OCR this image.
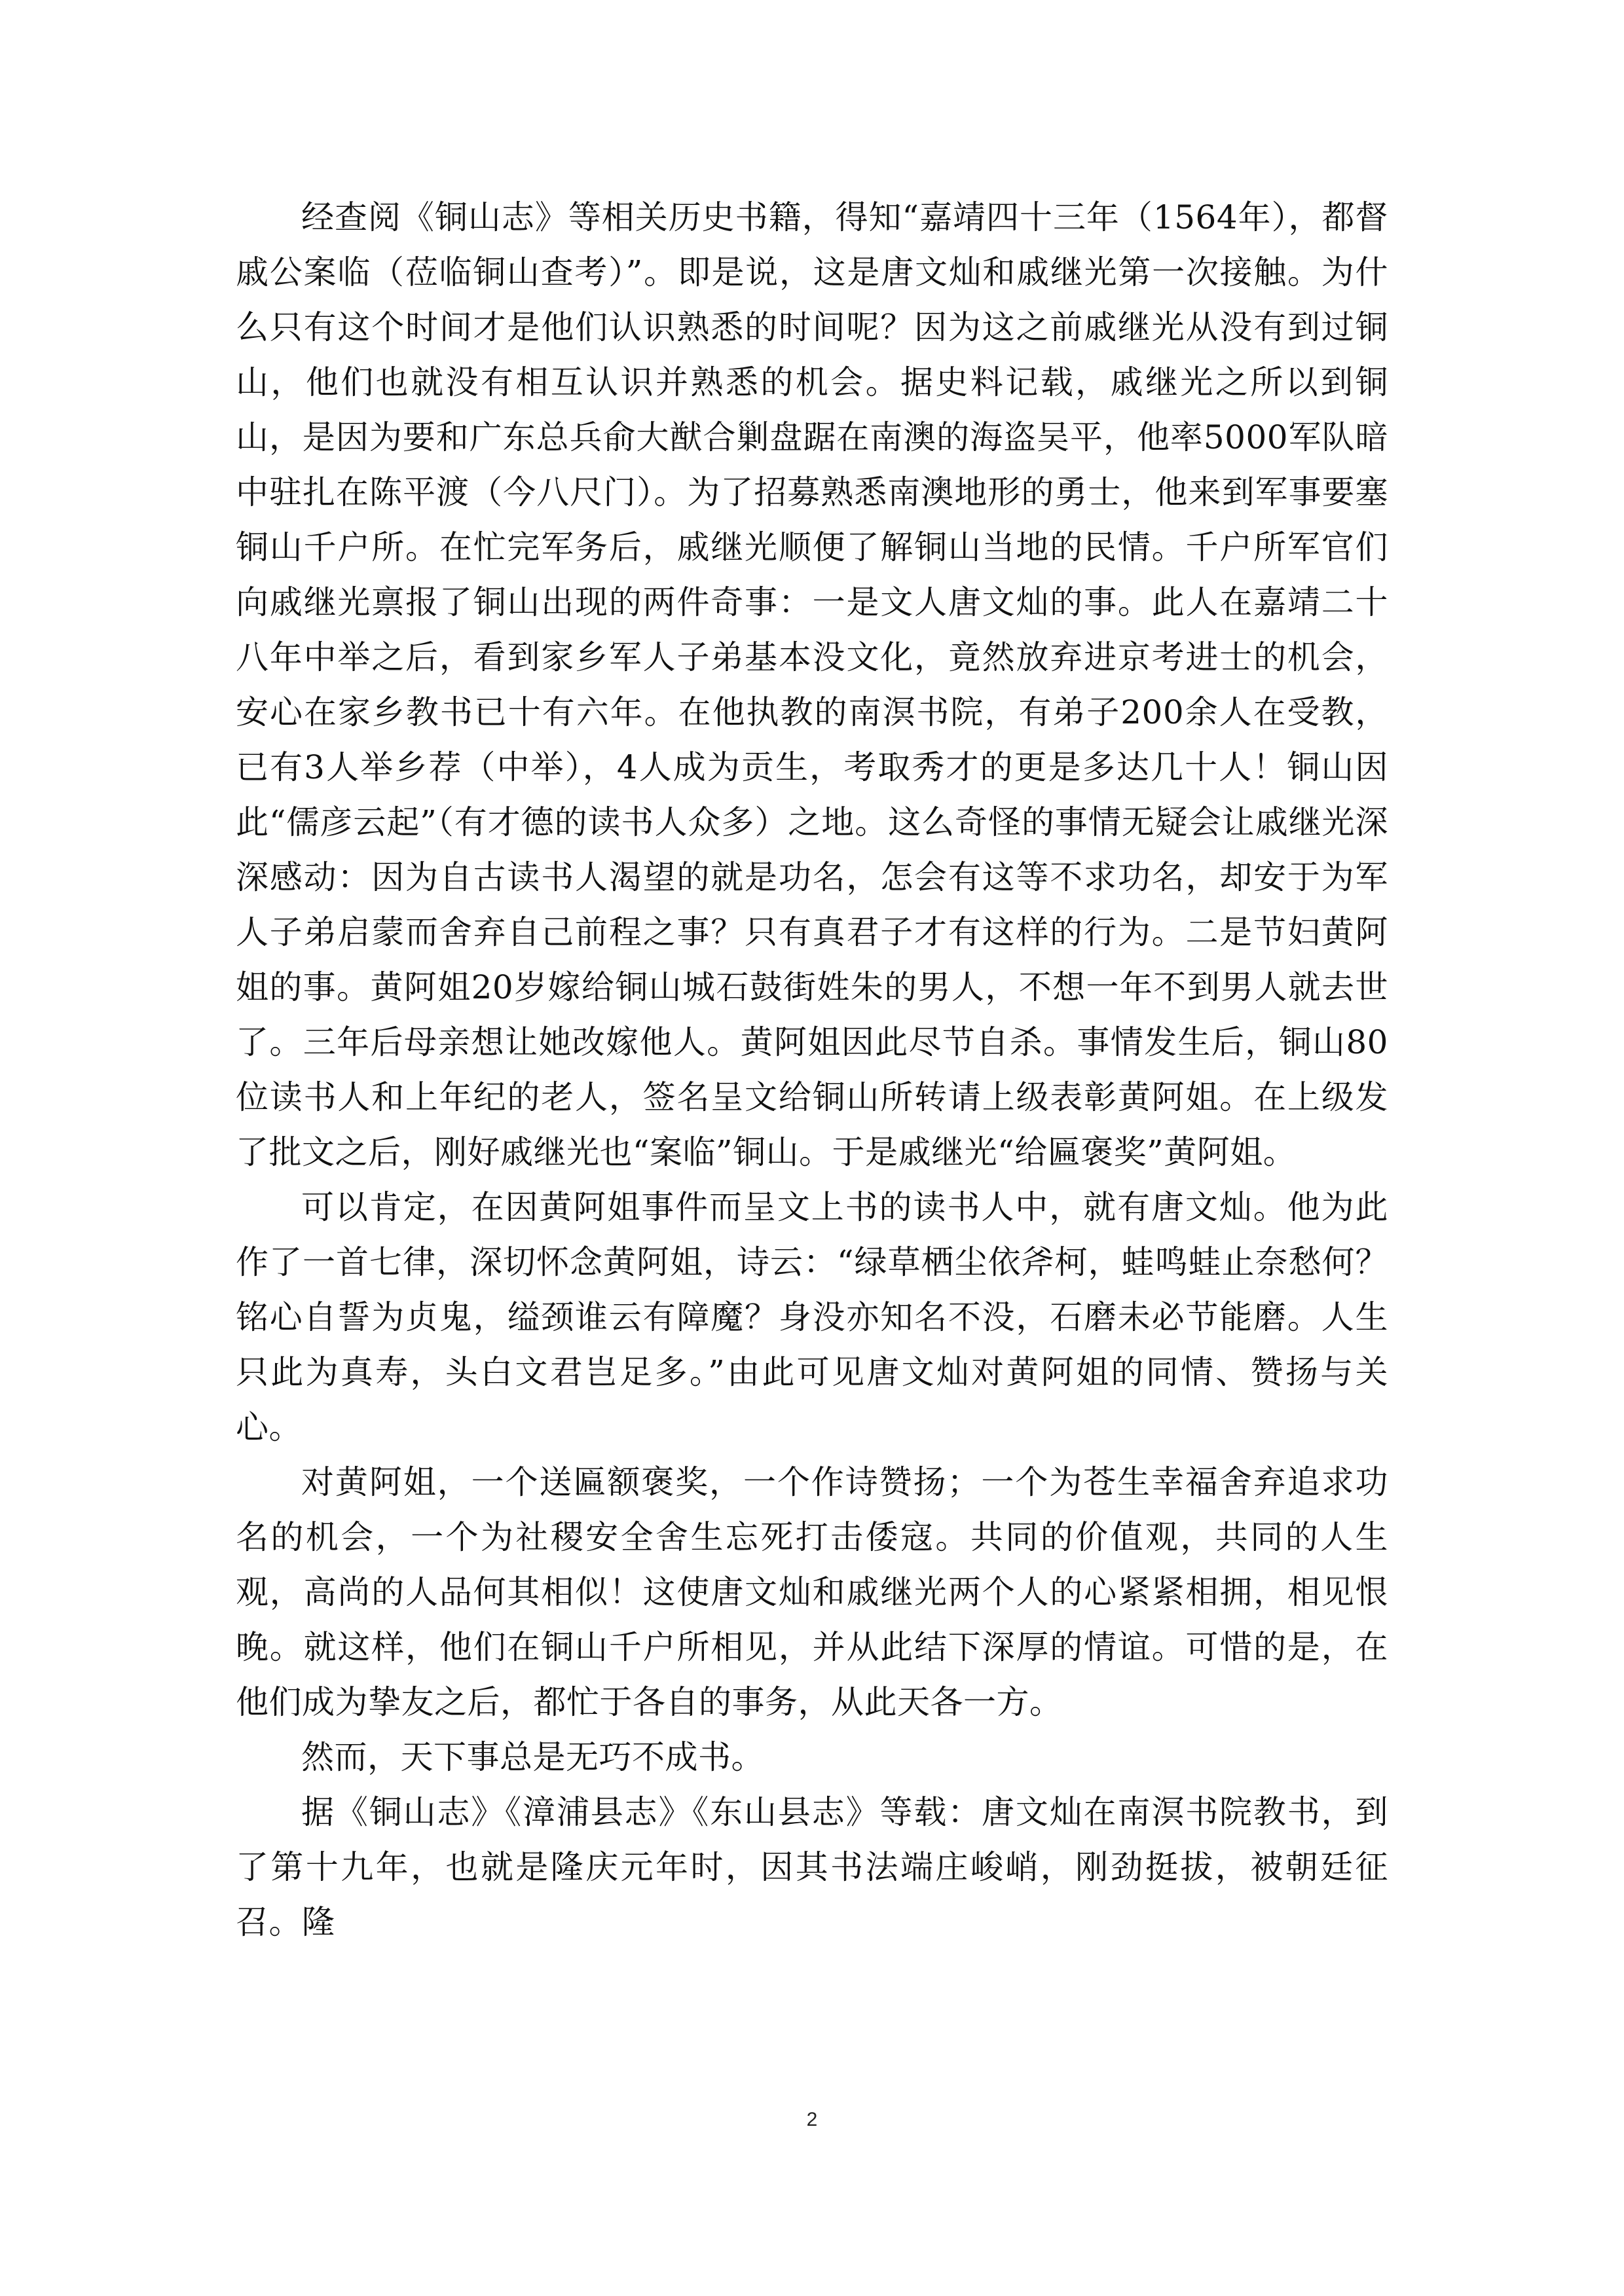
经查阅《铜山志》等相关历史书籍，得知“嘉靖四十三年（1564年），都督戚公案临（莅临铜山查考）”。即是说，这是唐文灿和戚继光第一次接触。为什么只有这个时间才是他们认识熟悉的时间呢？因为这之前戚继光从没有到过铜山，他们也就没有相互认识并熟悉的机会。据史料记载，戚继光之所以到铜山，是因为要和广东总兵俞大猷合剿盘踞在南澳的海盗吴平，他率5000军队暗中驻扎在陈平渡（今八尺门）。为了招募熟悉南澳地形的勇士，他来到军事要塞铜山千户所。在忙完军务后，戚继光顺便了解铜山当地的民情。千户所军官们向戚继光禀报了铜山出现的两件奇事：一是文人唐文灿的事。此人在嘉靖二十八年中举之后，看到家乡军人子弟基本没文化，竟然放弃进京考进士的机会，安心在家乡教书已十有六年。在他执教的南溟书院，有弟子200余人在受教，已有3人举乡荐（中举），4人成为贡生，考取秀才的更是多达几十人！铜山因此“儒彦云起”（有才德的读书人众多）之地。这么奇怪的事情无疑会让戚继光深深感动：因为自古读书人渴望的就是功名，怎会有这等不求功名，却安于为军人子弟启蒙而舍弃自己前程之事？只有真君子才有这样的行为。二是节妇黄阿姐的事。黄阿姐20岁嫁给铜山城石鼓街姓朱的男人，不想一年不到男人就去世了。三年后母亲想让她改嫁他人。黄阿姐因此尽节自杀。事情发生后，铜山80位读书人和上年纪的老人，签名呈文给铜山所转请上级表彰黄阿姐。在上级发了批文之后，刚好戚继光也“案临”铜山。于是戚继光“给匾褒奖”黄阿姐。

可以肯定，在因黄阿姐事件而呈文上书的读书人中，就有唐文灿。他为此作了一首七律，深切怀念黄阿姐，诗云：“绿草栖尘依斧柯，蛙鸣蛙止奈愁何？铭心自誓为贞鬼，缢颈谁云有障魔？身没亦知名不没，石磨未必节能磨。人生只此为真寿，头白文君岂足多。”由此可见唐文灿对黄阿姐的同情、赞扬与关心。

对黄阿姐，一个送匾额褒奖，一个作诗赞扬；一个为苍生幸福舍弃追求功名的机会，一个为社稷安全舍生忘死打击倭寇。共同的价值观，共同的人生观，高尚的人品何其相似！这使唐文灿和戚继光两个人的心紧紧相拥，相见恨晚。就这样，他们在铜山千户所相见，并从此结下深厚的情谊。可惜的是，在他们成为挚友之后，都忙于各自的事务，从此天各一方。

然而，天下事总是无巧不成书。

据《铜山志》《漳浦县志》《东山县志》等载：唐文灿在南溟书院教书，到了第十九年，也就是隆庆元年时，因其书法端庄峻峭，刚劲挺拔，被朝廷征召。隆

2
